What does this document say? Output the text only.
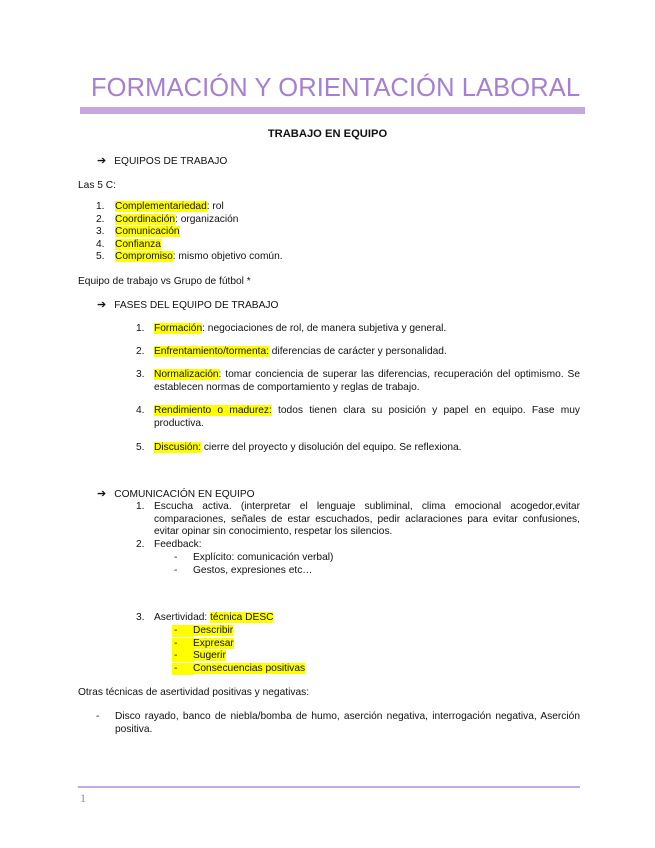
FORMACIÓN Y ORIENTACIÓN LABORAL
TRABAJO EN EQUIPO
➔ EQUIPOS DE TRABAJO
Las 5 C:
1. Complementariedad: rol
2. Coordinación: organización
3. Comunicación
4. Confianza
5. Compromiso: mismo objetivo común.
Equipo de trabajo vs Grupo de fútbol *
➔ FASES DEL EQUIPO DE TRABAJO
1. Formación: negociaciones de rol, de manera subjetiva y general.
2. Enfrentamiento/tormenta: diferencias de carácter y personalidad.
3. Normalización: tomar conciencia de superar las diferencias, recuperación del optimismo. Se establecen normas de comportamiento y reglas de trabajo.
4. Rendimiento o madurez: todos tienen clara su posición y papel en equipo. Fase muy productiva.
5. Discusión: cierre del proyecto y disolución del equipo. Se reflexiona.
➔ COMUNICACIÓN EN EQUIPO
1. Escucha activa. (interpretar el lenguaje subliminal, clima emocional acogedor,evitar comparaciones, señales de estar escuchados, pedir aclaraciones para evitar confusiones, evitar opinar sin conocimiento, respetar los silencios.
2. Feedback:
- Explícito: comunicación verbal)
- Gestos, expresiones etc…
3. Asertividad: técnica DESC
- Describir
- Expresar
- Sugerir
- Consecuencias positivas
Otras técnicas de asertividad positivas y negativas:
- Disco rayado, banco de niebla/bomba de humo, aserción negativa, interrogación negativa, Aserción positiva.
1
